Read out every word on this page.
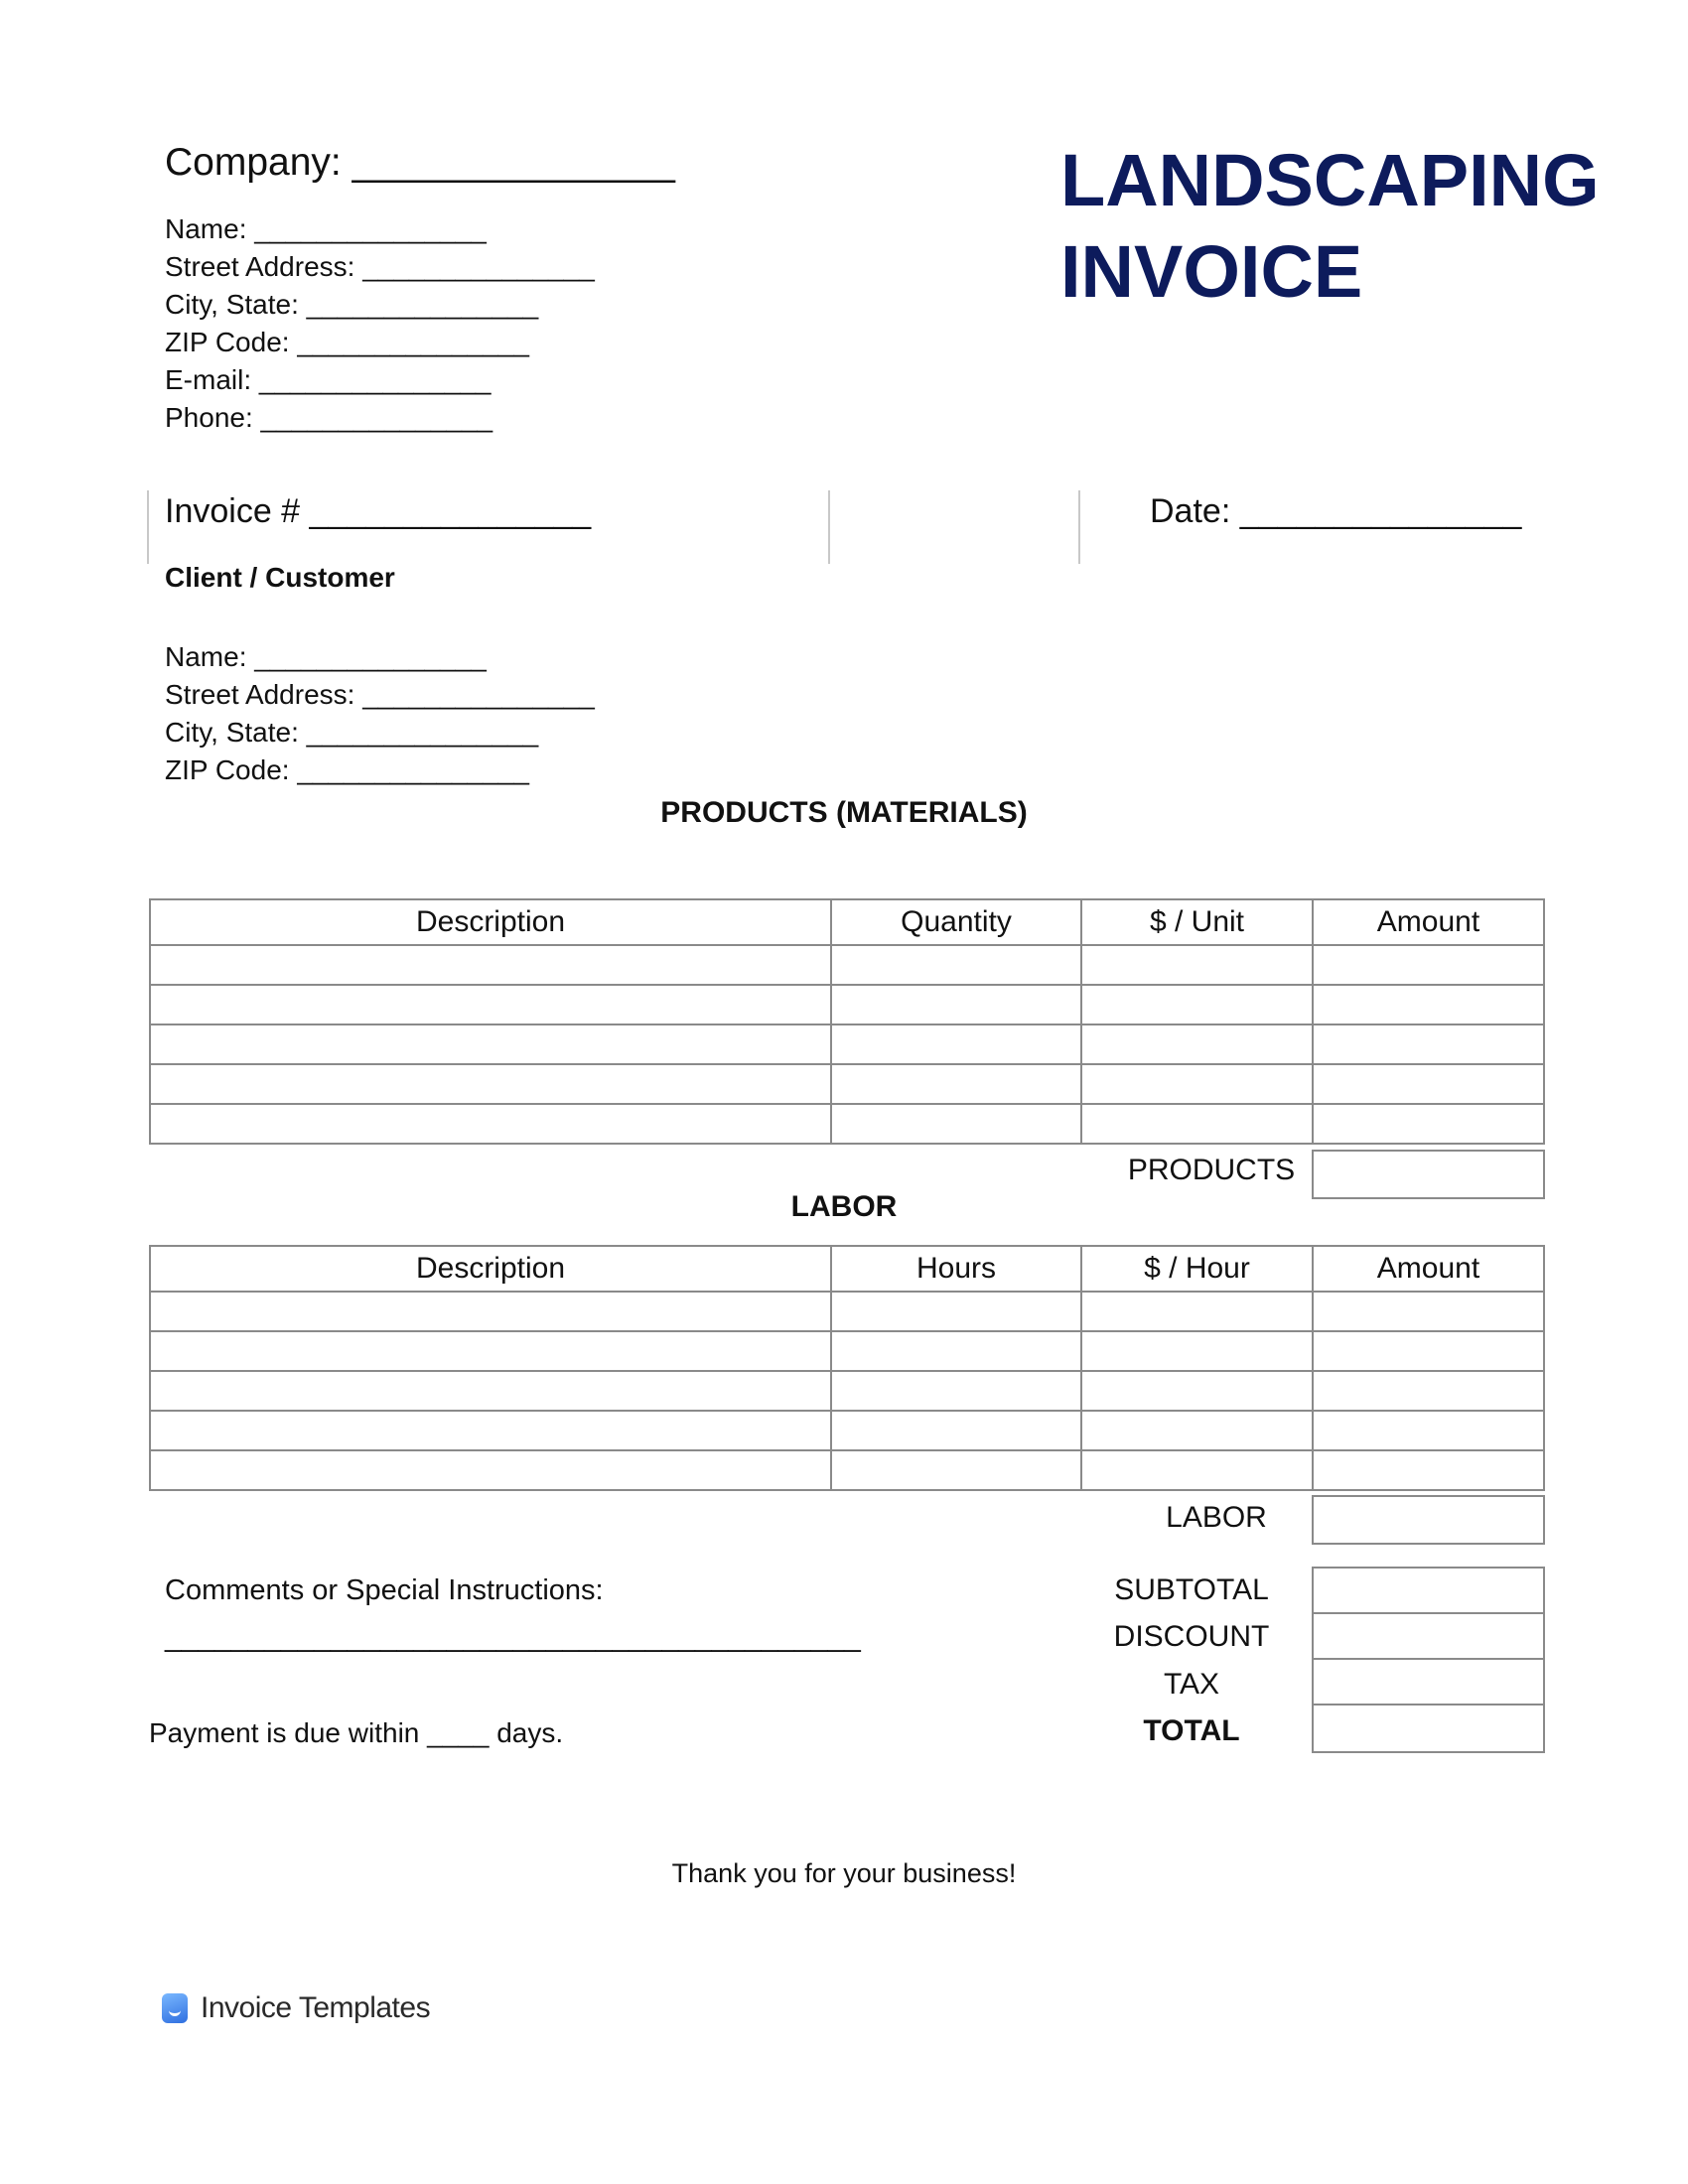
Company: _______________
Name: _______________
Street Address: _______________
City, State: _______________
ZIP Code: _______________
E-mail: _______________
Phone: _______________
LANDSCAPING
INVOICE
Invoice # _______________	Date: _______________
Client / Customer
Name: _______________
Street Address: _______________
City, State: _______________
ZIP Code: _______________
PRODUCTS (MATERIALS)
Description	Quantity	$ / Unit	Amount

PRODUCTS
LABOR
Description	Hours	$ / Hour	Amount

LABOR
Comments or Special Instructions:
__________________________________________
Payment is due within ____ days.
SUBTOTAL
DISCOUNT
TAX
TOTAL
Thank you for your business!
Invoice Templates
